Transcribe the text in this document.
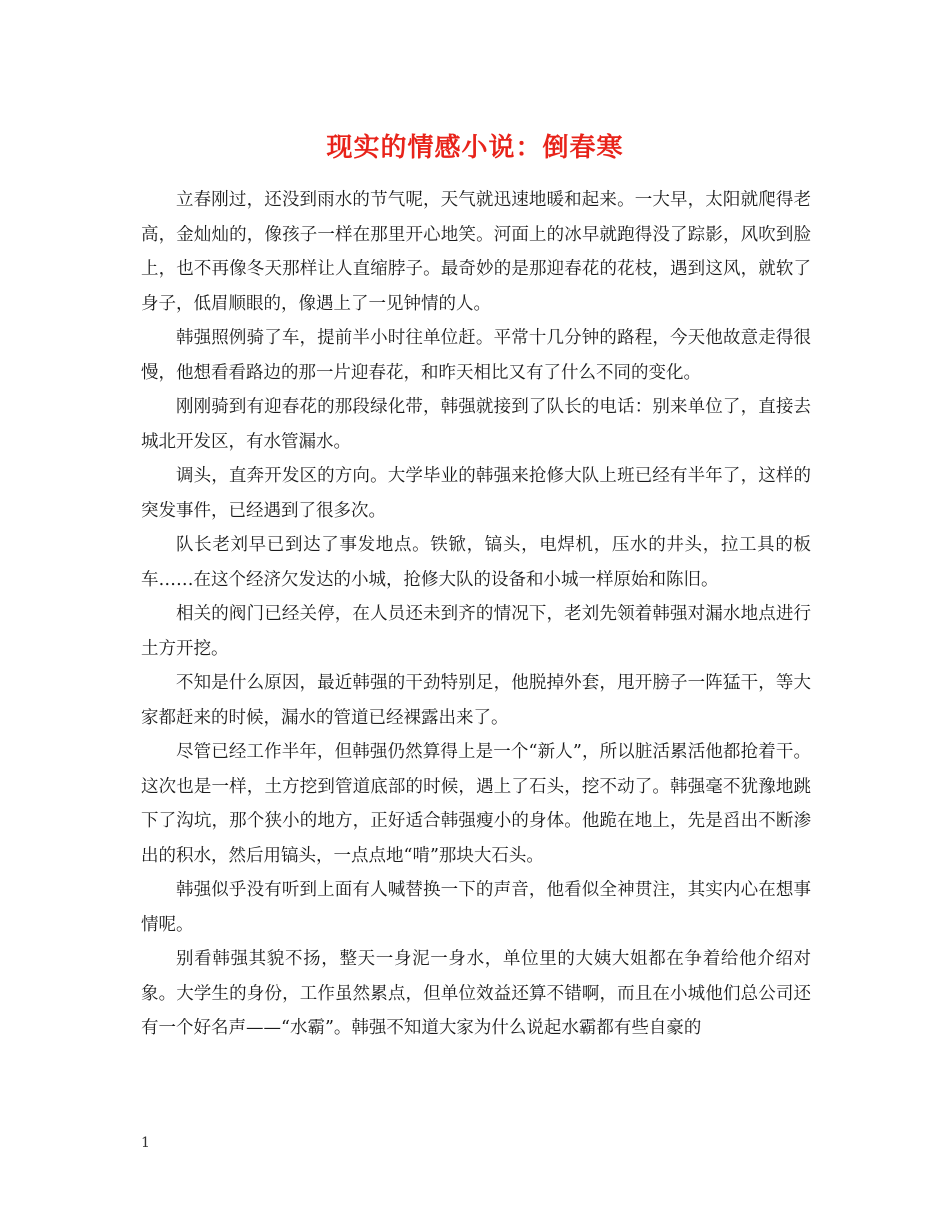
现实的情感小说：倒春寒

立春刚过，还没到雨水的节气呢，天气就迅速地暖和起来。一大早，太阳就爬得老高，金灿灿的，像孩子一样在那里开心地笑。河面上的冰早就跑得没了踪影，风吹到脸上，也不再像冬天那样让人直缩脖子。最奇妙的是那迎春花的花枝，遇到这风，就软了身子，低眉顺眼的，像遇上了一见钟情的人。

韩强照例骑了车，提前半小时往单位赶。平常十几分钟的路程，今天他故意走得很慢，他想看看路边的那一片迎春花，和昨天相比又有了什么不同的变化。

刚刚骑到有迎春花的那段绿化带，韩强就接到了队长的电话：别来单位了，直接去城北开发区，有水管漏水。

调头，直奔开发区的方向。大学毕业的韩强来抢修大队上班已经有半年了，这样的突发事件，已经遇到了很多次。

队长老刘早已到达了事发地点。铁锨，镐头，电焊机，压水的井头，拉工具的板车……在这个经济欠发达的小城，抢修大队的设备和小城一样原始和陈旧。

相关的阀门已经关停，在人员还未到齐的情况下，老刘先领着韩强对漏水地点进行土方开挖。

不知是什么原因，最近韩强的干劲特别足，他脱掉外套，甩开膀子一阵猛干，等大家都赶来的时候，漏水的管道已经裸露出来了。

尽管已经工作半年，但韩强仍然算得上是一个“新人”，所以脏活累活他都抢着干。这次也是一样，土方挖到管道底部的时候，遇上了石头，挖不动了。韩强毫不犹豫地跳下了沟坑，那个狭小的地方，正好适合韩强瘦小的身体。他跪在地上，先是舀出不断渗出的积水，然后用镐头，一点点地“啃”那块大石头。

韩强似乎没有听到上面有人喊替换一下的声音，他看似全神贯注，其实内心在想事情呢。

别看韩强其貌不扬，整天一身泥一身水，单位里的大姨大姐都在争着给他介绍对象。大学生的身份，工作虽然累点，但单位效益还算不错啊，而且在小城他们总公司还有一个好名声——“水霸”。韩强不知道大家为什么说起水霸都有些自豪的

1
